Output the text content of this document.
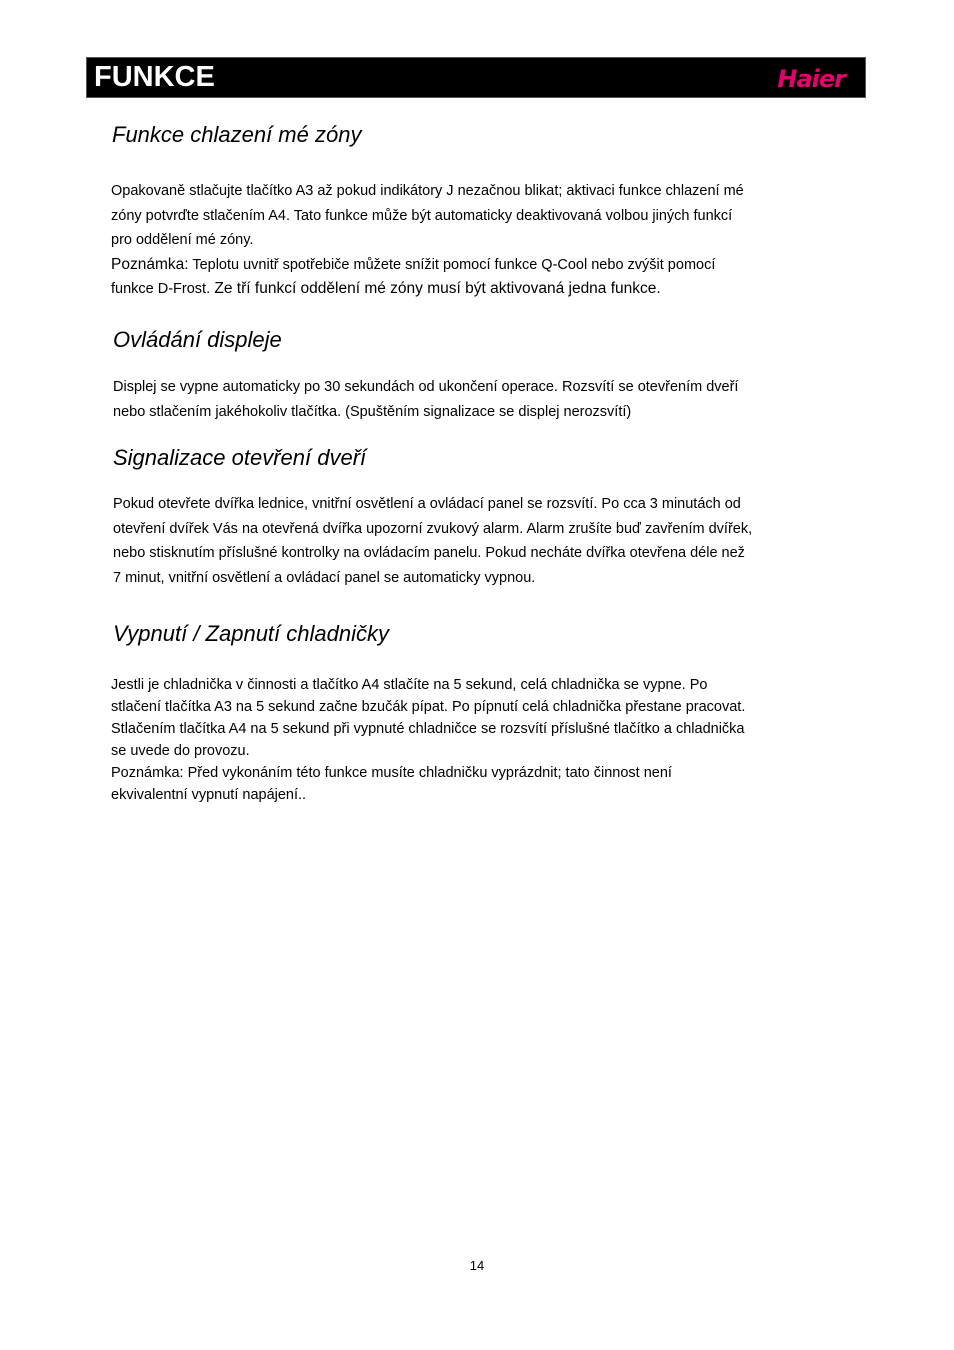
FUNKCE	Haier
Funkce chlazení mé zóny
Opakovaně stlačujte tlačítko A3 až pokud indikátory J nezačnou blikat; aktivaci funkce chlazení mé
zóny potvrďte stlačením A4. Tato funkce může být automaticky deaktivovaná volbou jiných funkcí
pro oddělení mé zóny.
Poznámka: Teplotu uvnitř spotřebiče můžete snížit pomocí funkce Q-Cool nebo zvýšit pomocí
funkce D-Frost. Ze tří funkcí oddělení mé zóny musí být aktivovaná jedna funkce.
Ovládání displeje
Displej se vypne automaticky po 30 sekundách od ukončení operace. Rozsvítí se otevřením dveří
nebo stlačením jakéhokoliv tlačítka. (Spuštěním signalizace se displej nerozsvítí)
Signalizace otevření dveří
Pokud otevřete dvířka lednice, vnitřní osvětlení a ovládací panel se rozsvítí. Po cca 3 minutách od
otevření dvířek Vás na otevřená dvířka upozorní zvukový alarm. Alarm zrušíte buď zavřením dvířek,
nebo stisknutím příslušné kontrolky na ovládacím panelu. Pokud necháte dvířka otevřena déle než
7 minut, vnitřní osvětlení a ovládací panel se automaticky vypnou.
Vypnutí / Zapnutí chladničky
Jestli je chladnička v činnosti a tlačítko A4 stlačíte na 5 sekund, celá chladnička se vypne. Po
stlačení tlačítka A3 na 5 sekund začne bzučák pípat. Po pípnutí celá chladnička přestane pracovat.
Stlačením tlačítka A4 na 5 sekund při vypnuté chladničce se rozsvítí příslušné tlačítko a chladnička
se uvede do provozu.
Poznámka: Před vykonáním této funkce musíte chladničku vyprázdnit; tato činnost není
ekvivalentní vypnutí napájení..
14
